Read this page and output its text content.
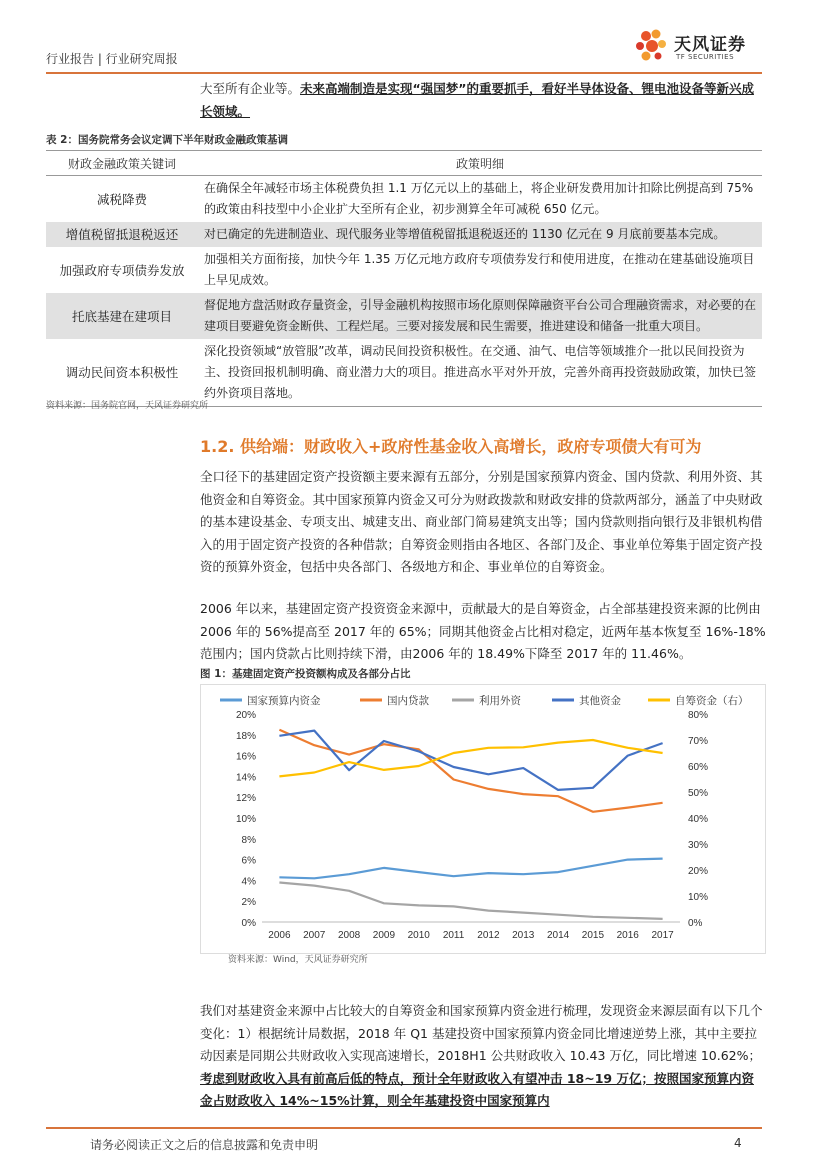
行业报告 | 行业研究周报
天风证券
TF SECURITIES
大至所有企业等。未来高端制造是实现“强国梦”的重要抓手，看好半导体设备、锂电池设备等新兴成长领域。
表 2：国务院常务会议定调下半年财政金融政策基调
财政金融政策关键词	政策明细
减税降费	在确保全年减轻市场主体税费负担 1.1 万亿元以上的基础上，将企业研发费用加计扣除比例提高到 75%的政策由科技型中小企业扩大至所有企业，初步测算全年可减税 650 亿元。
增值税留抵退税返还	对已确定的先进制造业、现代服务业等增值税留抵退税返还的 1130 亿元在 9 月底前要基本完成。
加强政府专项债券发放	加强相关方面衔接，加快今年 1.35 万亿元地方政府专项债券发行和使用进度，在推动在建基础设施项目上早见成效。
托底基建在建项目	督促地方盘活财政存量资金，引导金融机构按照市场化原则保障融资平台公司合理融资需求，对必要的在建项目要避免资金断供、工程烂尾。三要对接发展和民生需要，推进建设和储备一批重大项目。
调动民间资本积极性	深化投资领域“放管服”改革，调动民间投资积极性。在交通、油气、电信等领域推介一批以民间投资为主、投资回报机制明确、商业潜力大的项目。推进高水平对外开放，完善外商再投资鼓励政策，加快已签约外资项目落地。
资料来源：国务院官网，天风证券研究所
1.2. 供给端：财政收入+政府性基金收入高增长，政府专项债大有可为
全口径下的基建固定资产投资额主要来源有五部分，分别是国家预算内资金、国内贷款、利用外资、其他资金和自筹资金。其中国家预算内资金又可分为财政拨款和财政安排的贷款两部分，涵盖了中央财政的基本建设基金、专项支出、城建支出、商业部门简易建筑支出等；国内贷款则指向银行及非银机构借入的用于固定资产投资的各种借款；自筹资金则指由各地区、各部门及企、事业单位筹集于固定资产投资的预算外资金，包括中央各部门、各级地方和企、事业单位的自筹资金。
2006 年以来，基建固定资产投资资金来源中，贡献最大的是自筹资金，占全部基建投资来源的比例由 2006 年的 56%提高至 2017 年的 65%；同期其他资金占比相对稳定，近两年基本恢复至 16%-18%范围内；国内贷款占比则持续下滑，由2006 年的 18.49%下降至 2017 年的 11.46%。
图 1：基建固定资产投资额构成及各部分占比
0%
2%
4%
6%
8%
10%
12%
14%
16%
18%
20%
0%
10%
20%
30%
40%
50%
60%
70%
80%
2006 2007 2008 2009 2010 2011 2012 2013 2014 2015 2016 2017
国家预算内资金	国内贷款	利用外资	其他资金	自筹资金（右）
资料来源：Wind，天风证券研究所
我们对基建资金来源中占比较大的自筹资金和国家预算内资金进行梳理，发现资金来源层面有以下几个变化：1）根据统计局数据，2018 年 Q1 基建投资中国家预算内资金同比增速逆势上涨，其中主要拉动因素是同期公共财政收入实现高速增长，2018H1 公共财政收入 10.43 万亿，同比增速 10.62%；考虑到财政收入具有前高后低的特点，预计全年财政收入有望冲击 18~19 万亿；按照国家预算内资金占财政收入 14%~15%计算，则全年基建投资中国家预算内
请务必阅读正文之后的信息披露和免责申明	4
